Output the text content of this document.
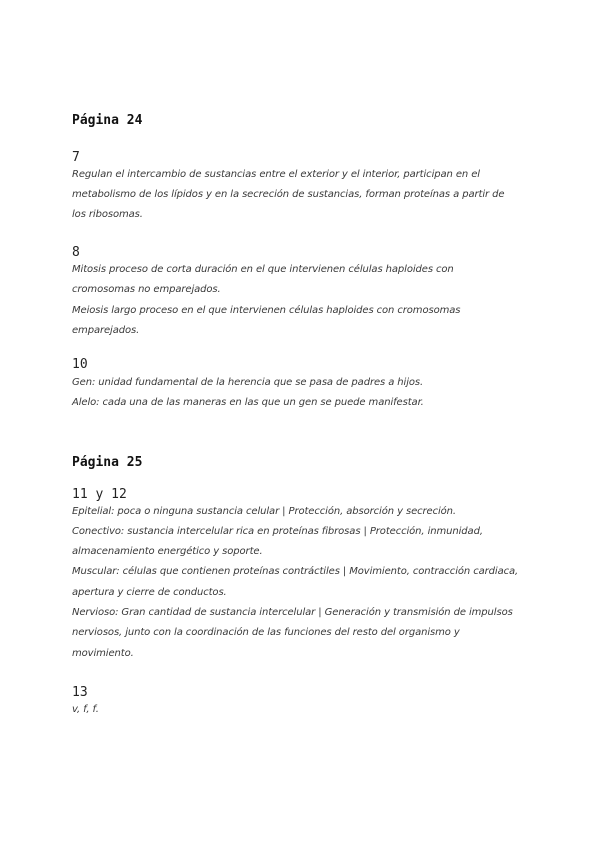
Página 24
7
Regulan el intercambio de sustancias entre el exterior y el interior, participan en el
metabolismo de los lípidos y en la secreción de sustancias, forman proteínas a partir de
los ribosomas.
8
Mitosis proceso de corta duración en el que intervienen células haploides con
cromosomas no emparejados.
Meiosis largo proceso en el que intervienen células haploides con cromosomas
emparejados.
10
Gen: unidad fundamental de la herencia que se pasa de padres a hijos.
Alelo: cada una de las maneras en las que un gen se puede manifestar.
Página 25
11 y 12
Epitelial: poca o ninguna sustancia celular | Protección, absorción y secreción.
Conectivo: sustancia intercelular rica en proteínas fibrosas | Protección, inmunidad,
almacenamiento energético y soporte.
Muscular: células que contienen proteínas contráctiles | Movimiento, contracción cardiaca,
apertura y cierre de conductos.
Nervioso: Gran cantidad de sustancia intercelular | Generación y transmisión de impulsos
nerviosos, junto con la coordinación de las funciones del resto del organismo y
movimiento.
13
v, f, f.
